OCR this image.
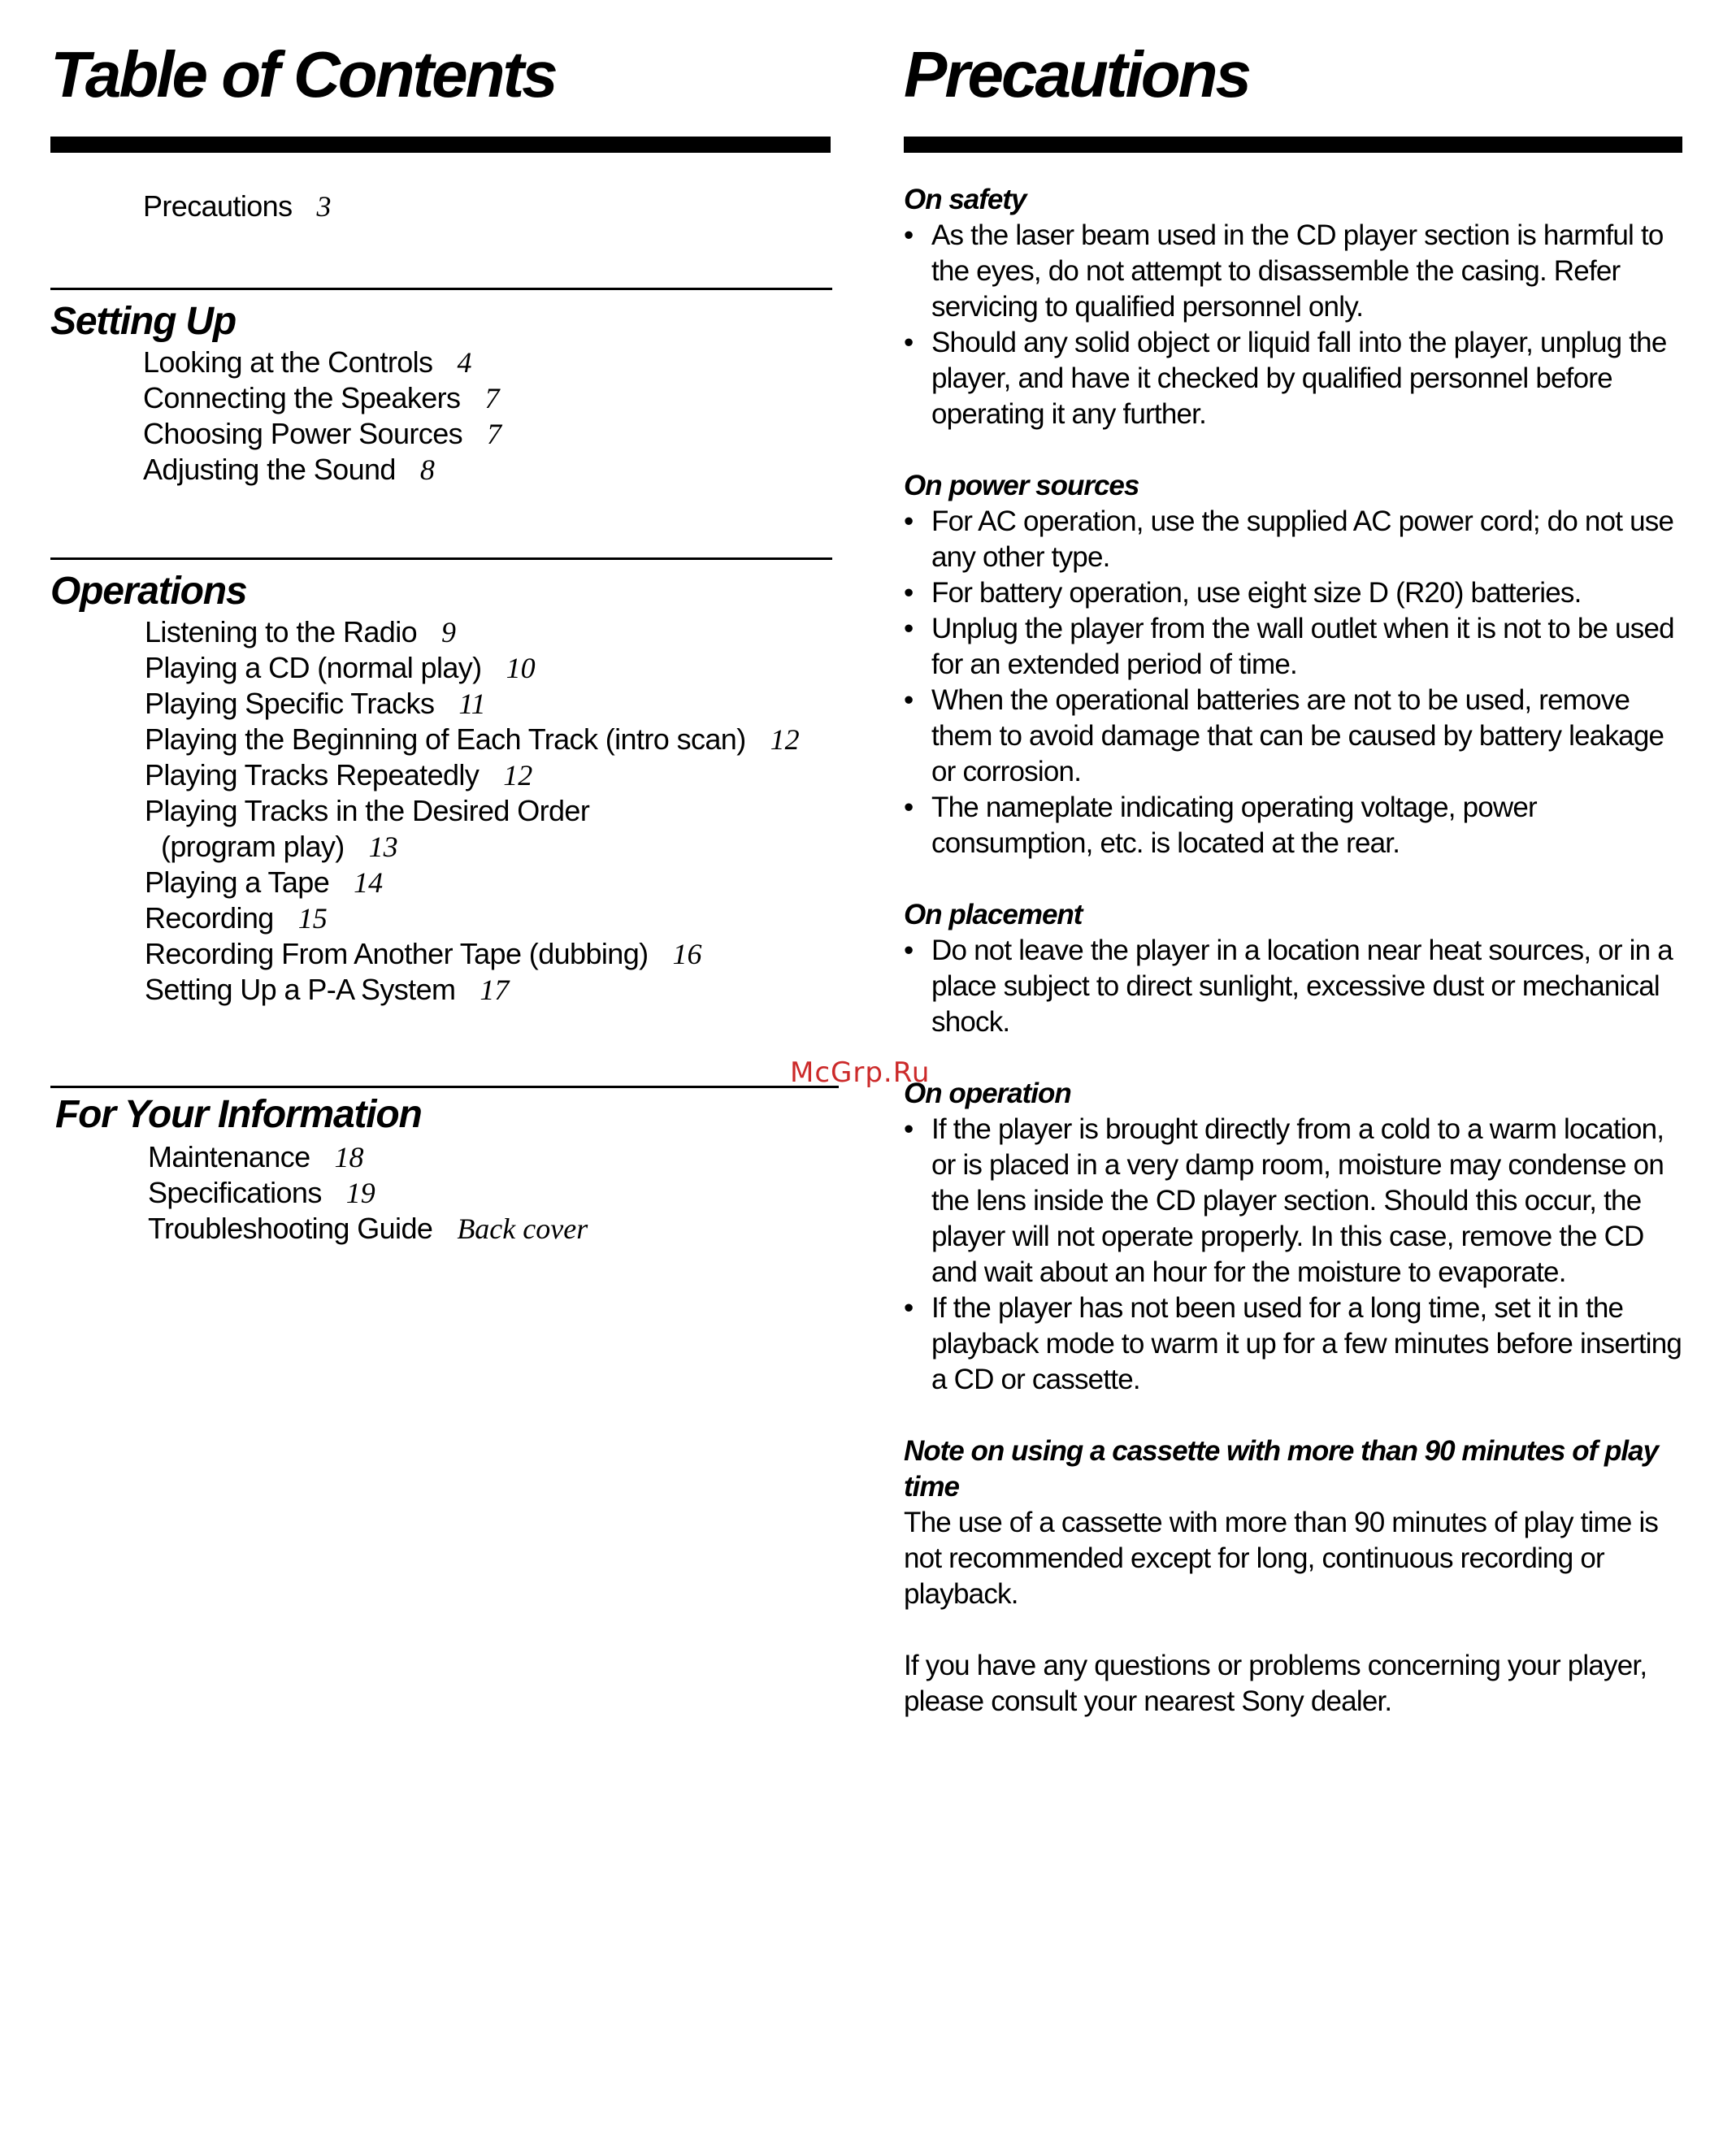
Table of Contents
Precautions 3
Setting Up
Looking at the Controls 4
Connecting the Speakers 7
Choosing Power Sources 7
Adjusting the Sound 8
Operations
Listening to the Radio 9
Playing a CD (normal play) 10
Playing Specific Tracks 11
Playing the Beginning of Each Track (intro scan) 12
Playing Tracks Repeatedly 12
Playing Tracks in the Desired Order
(program play) 13
Playing a Tape 14
Recording 15
Recording From Another Tape (dubbing) 16
Setting Up a P-A System 17
For Your Information
Maintenance 18
Specifications 19
Troubleshooting Guide Back cover
Precautions
On safety
• As the laser beam used in the CD player section is harmful to the eyes, do not attempt to disassemble the casing. Refer servicing to qualified personnel only.
• Should any solid object or liquid fall into the player, unplug the player, and have it checked by qualified personnel before operating it any further.
On power sources
• For AC operation, use the supplied AC power cord; do not use any other type.
• For battery operation, use eight size D (R20) batteries.
• Unplug the player from the wall outlet when it is not to be used for an extended period of time.
• When the operational batteries are not to be used, remove them to avoid damage that can be caused by battery leakage or corrosion.
• The nameplate indicating operating voltage, power consumption, etc. is located at the rear.
On placement
• Do not leave the player in a location near heat sources, or in a place subject to direct sunlight, excessive dust or mechanical shock.
On operation
• If the player is brought directly from a cold to a warm location, or is placed in a very damp room, moisture may condense on the lens inside the CD player section. Should this occur, the player will not operate properly. In this case, remove the CD and wait about an hour for the moisture to evaporate.
• If the player has not been used for a long time, set it in the playback mode to warm it up for a few minutes before inserting a CD or cassette.
Note on using a cassette with more than 90 minutes of play time

The use of a cassette with more than 90 minutes of play time is not recommended except for long, continuous recording or playback.

If you have any questions or problems concerning your player, please consult your nearest Sony dealer.

McGrp.Ru
